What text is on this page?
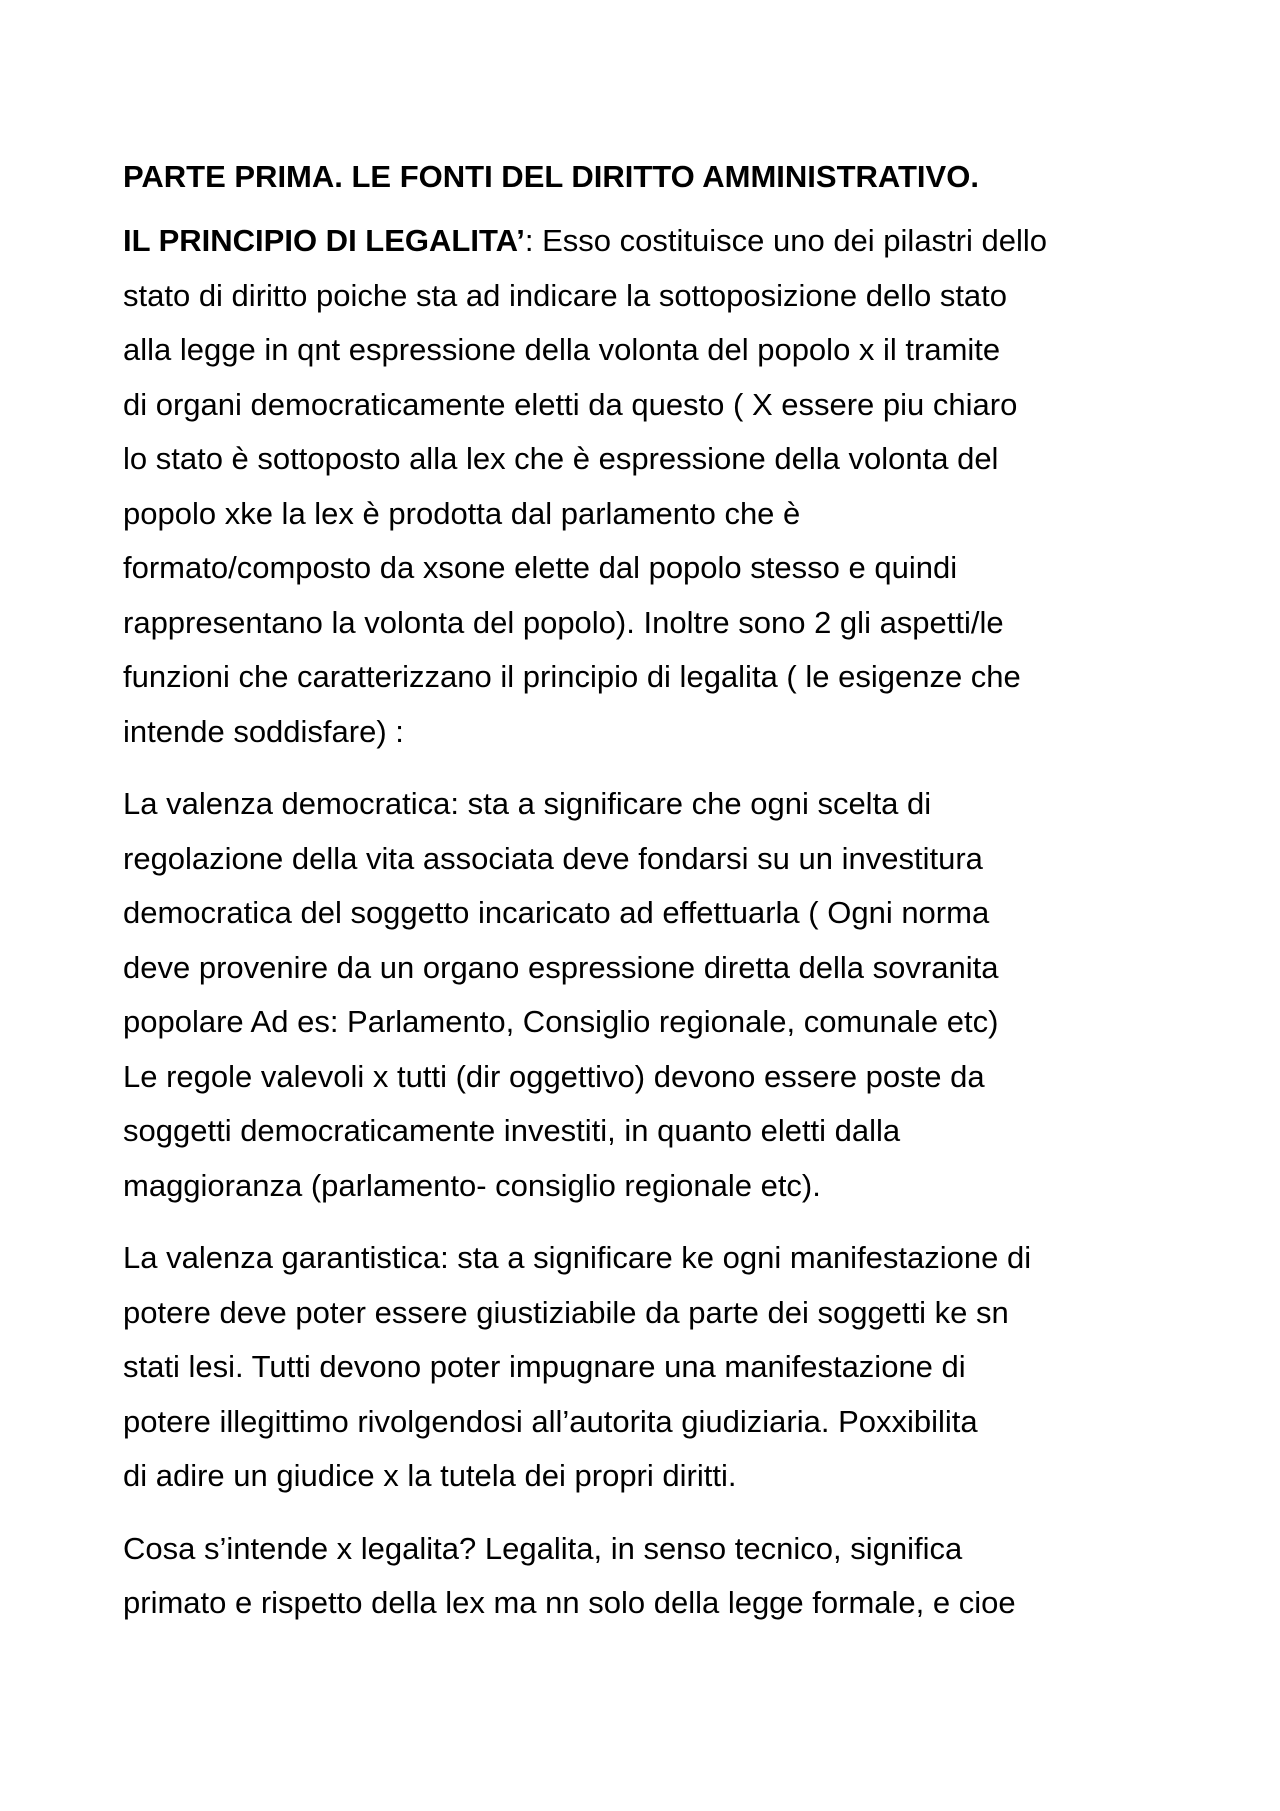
PARTE PRIMA. LE FONTI DEL DIRITTO AMMINISTRATIVO.
IL PRINCIPIO DI LEGALITA’: Esso costituisce uno dei pilastri dello
stato di diritto poiche sta ad indicare la sottoposizione dello stato
alla legge in qnt espressione della volonta del popolo x il tramite
di organi democraticamente eletti da questo ( X essere piu chiaro
lo stato è sottoposto alla lex che è espressione della volonta del
popolo xke la lex è prodotta dal parlamento che è
formato/composto da xsone elette dal popolo stesso e quindi
rappresentano la volonta del popolo). Inoltre sono 2 gli aspetti/le
funzioni che caratterizzano il principio di legalita ( le esigenze che
intende soddisfare) :
La valenza democratica: sta a significare che ogni scelta di
regolazione della vita associata deve fondarsi su un investitura
democratica del soggetto incaricato ad effettuarla ( Ogni norma
deve provenire da un organo espressione diretta della sovranita
popolare Ad es: Parlamento, Consiglio regionale, comunale etc)
Le regole valevoli x tutti (dir oggettivo) devono essere poste da
soggetti democraticamente investiti, in quanto eletti dalla
maggioranza (parlamento- consiglio regionale etc).
La valenza garantistica: sta a significare ke ogni manifestazione di
potere deve poter essere giustiziabile da parte dei soggetti ke sn
stati lesi. Tutti devono poter impugnare una manifestazione di
potere illegittimo rivolgendosi all’autorita giudiziaria. Poxxibilita
di adire un giudice x la tutela dei propri diritti.
Cosa s’intende x legalita? Legalita, in senso tecnico, significa
primato e rispetto della lex ma nn solo della legge formale, e cioe
